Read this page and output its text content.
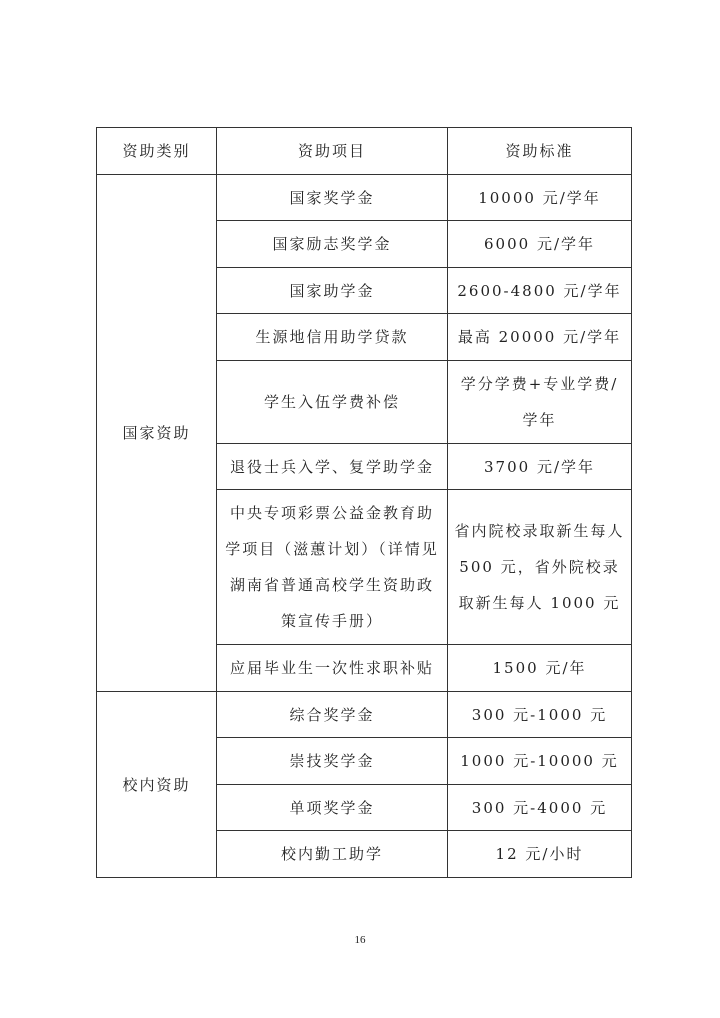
资助类别	资助项目	资助标准
国家资助	国家奖学金	10000 元/学年
	国家励志奖学金	6000 元/学年
	国家助学金	2600-4800 元/学年
	生源地信用助学贷款	最高 20000 元/学年
	学生入伍学费补偿	学分学费+专业学费/学年
	退役士兵入学、复学助学金	3700 元/学年
	中央专项彩票公益金教育助学项目（滋蕙计划）（详情见湖南省普通高校学生资助政策宣传手册）	省内院校录取新生每人 500 元，省外院校录取新生每人 1000 元
	应届毕业生一次性求职补贴	1500 元/年
校内资助	综合奖学金	300 元-1000 元
	崇技奖学金	1000 元-10000 元
	单项奖学金	300 元-4000 元
	校内勤工助学	12 元/小时
16
